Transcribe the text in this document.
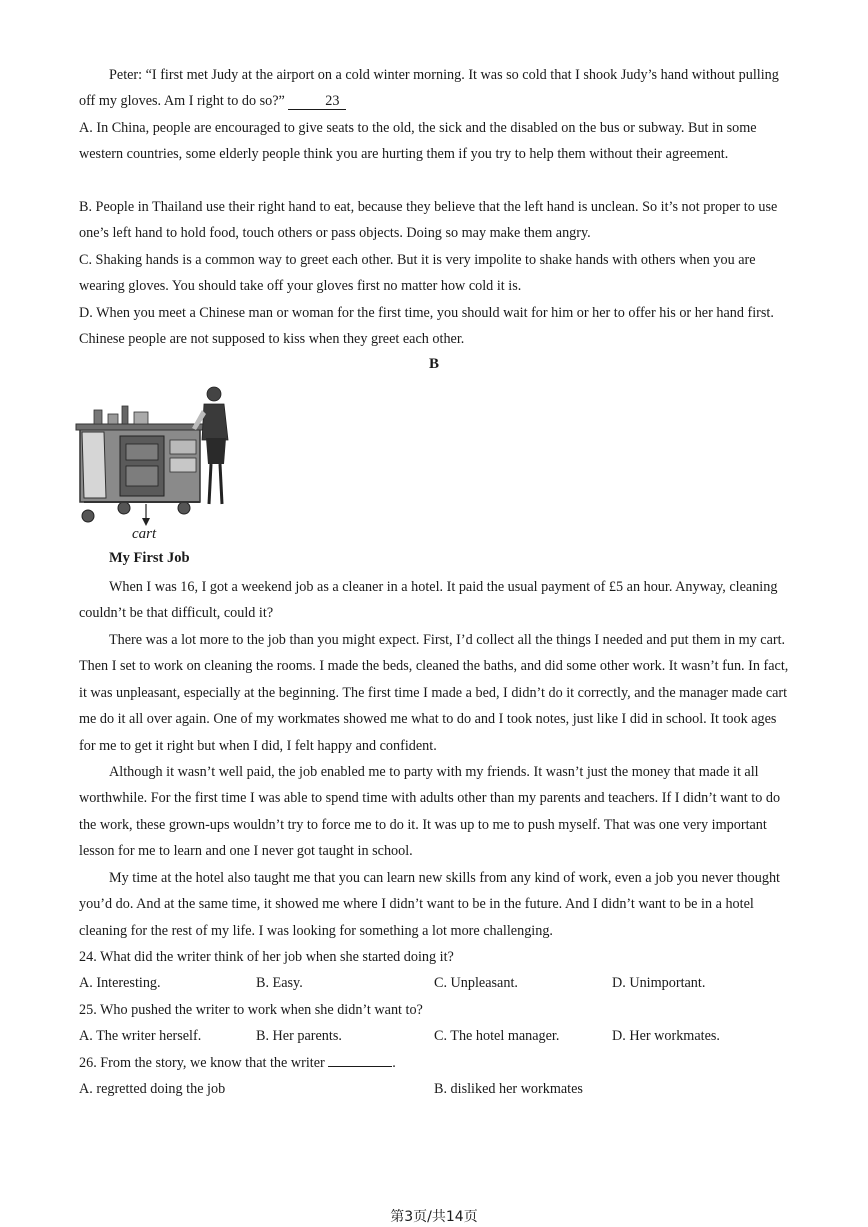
Peter: “I first met Judy at the airport on a cold winter morning. It was so cold that I shook Judy’s hand without pulling off my gloves. Am I right to do so?”	23

A. In China, people are encouraged to give seats to the old, the sick and the disabled on the bus or subway. But in some western countries, some elderly people think you are hurting them if you try to help them without their agreement.

B. People in Thailand use their right hand to eat, because they believe that the left hand is unclean. So it’s not proper to use one’s left hand to hold food, touch others or pass objects. Doing so may make them angry.

C. Shaking hands is a common way to greet each other. But it is very impolite to shake hands with others when you are wearing gloves. You should take off your gloves first no matter how cold it is.

D. When you meet a Chinese man or woman for the first time, you should wait for him or her to offer his or her hand first. Chinese people are not supposed to kiss when they greet each other.

B
cart
My First Job

When I was 16, I got a weekend job as a cleaner in a hotel. It paid the usual payment of £5 an hour. Anyway, cleaning couldn’t be that difficult, could it?

There was a lot more to the job than you might expect. First, I’d collect all the things I needed and put them in my cart. Then I set to work on cleaning the rooms. I made the beds, cleaned the baths, and did some other work. It wasn’t fun. In fact, it was unpleasant, especially at the beginning. The first time I made a bed, I didn’t do it correctly, and the manager made cart me do it all over again. One of my workmates showed me what to do and I took notes, just like I did in school. It took ages for me to get it right but when I did, I felt happy and confident.

Although it wasn’t well paid, the job enabled me to party with my friends. It wasn’t just the money that made it all worthwhile. For the first time I was able to spend time with adults other than my parents and teachers. If I didn’t want to do the work, these grown-ups wouldn’t try to force me to do it. It was up to me to push myself. That was one very important lesson for me to learn and one I never got taught in school.

My time at the hotel also taught me that you can learn new skills from any kind of work, even a job you never thought you’d do. And at the same time, it showed me where I didn’t want to be in the future. And I didn’t want to be in a hotel cleaning for the rest of my life. I was looking for something a lot more challenging.

24. What did the writer think of her job when she started doing it?
A. Interesting.	B. Easy.	C. Unpleasant.	D. Unimportant.
25. Who pushed the writer to work when she didn’t want to?
A. The writer herself.	B. Her parents.	C. The hotel manager.	D. Her workmates.
26. From the story, we know that the writer	.
A. regretted doing the job	B. disliked her workmates
第3页/共14页
